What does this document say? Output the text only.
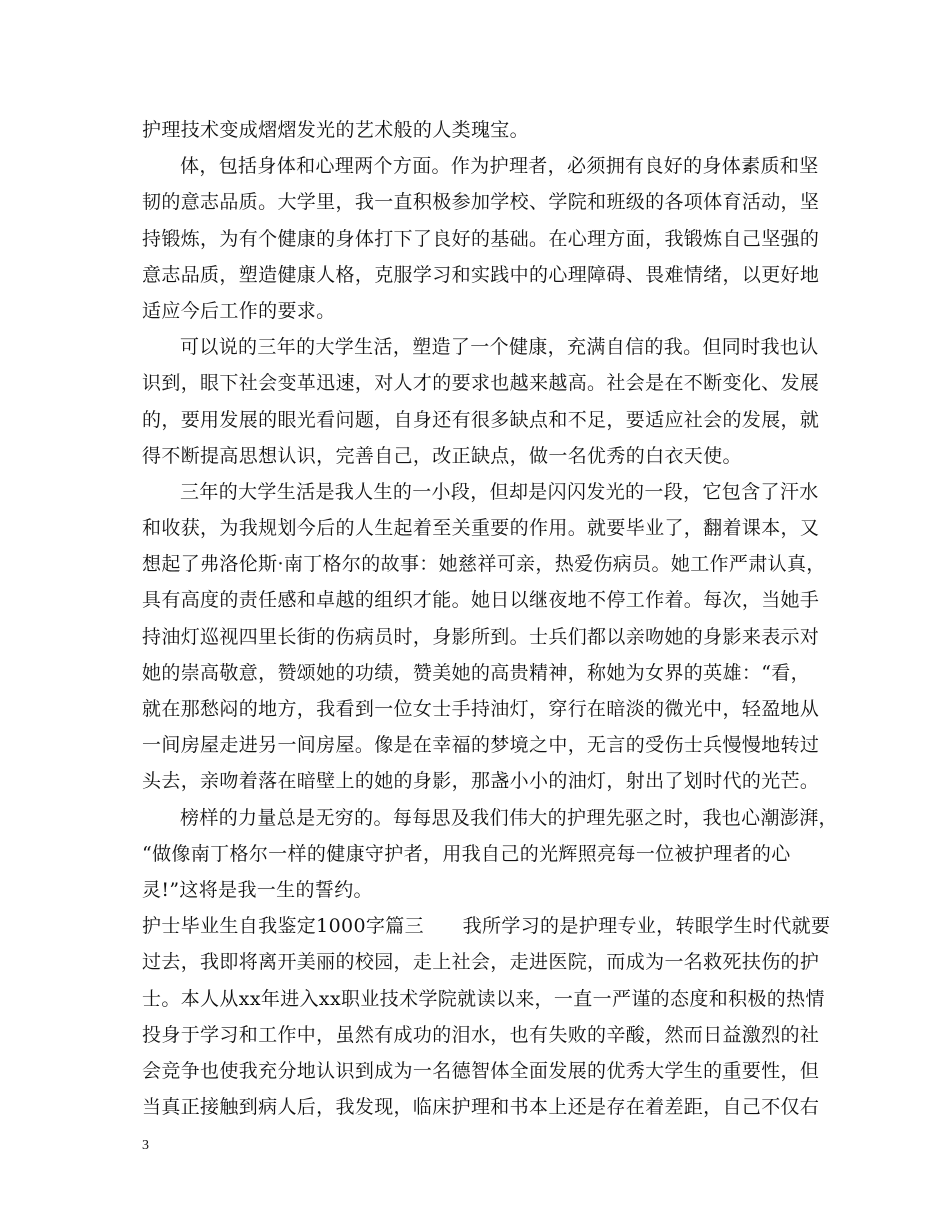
护理技术变成熠熠发光的艺术般的人类瑰宝。
体，包括身体和心理两个方面。作为护理者，必须拥有良好的身体素质和坚
韧的意志品质。大学里，我一直积极参加学校、学院和班级的各项体育活动，坚
持锻炼，为有个健康的身体打下了良好的基础。在心理方面，我锻炼自己坚强的
意志品质，塑造健康人格，克服学习和实践中的心理障碍、畏难情绪，以更好地
适应今后工作的要求。
可以说的三年的大学生活，塑造了一个健康，充满自信的我。但同时我也认
识到，眼下社会变革迅速，对人才的要求也越来越高。社会是在不断变化、发展
的，要用发展的眼光看问题，自身还有很多缺点和不足，要适应社会的发展，就
得不断提高思想认识，完善自己，改正缺点，做一名优秀的白衣天使。
三年的大学生活是我人生的一小段，但却是闪闪发光的一段，它包含了汗水
和收获，为我规划今后的人生起着至关重要的作用。就要毕业了，翻着课本，又
想起了弗洛伦斯·南丁格尔的故事：她慈祥可亲，热爱伤病员。她工作严肃认真，
具有高度的责任感和卓越的组织才能。她日以继夜地不停工作着。每次，当她手
持油灯巡视四里长街的伤病员时，身影所到。士兵们都以亲吻她的身影来表示对
她的崇高敬意，赞颂她的功绩，赞美她的高贵精神，称她为女界的英雄：“看，
就在那愁闷的地方，我看到一位女士手持油灯，穿行在暗淡的微光中，轻盈地从
一间房屋走进另一间房屋。像是在幸福的梦境之中，无言的受伤士兵慢慢地转过
头去，亲吻着落在暗壁上的她的身影，那盏小小的油灯，射出了划时代的光芒。
榜样的力量总是无穷的。每每思及我们伟大的护理先驱之时，我也心潮澎湃，
“做像南丁格尔一样的健康守护者，用我自己的光辉照亮每一位被护理者的心
灵!”这将是我一生的誓约。
护士毕业生自我鉴定1000字篇三　　我所学习的是护理专业，转眼学生时代就要
过去，我即将离开美丽的校园，走上社会，走进医院，而成为一名救死扶伤的护
士。本人从xx年进入xx职业技术学院就读以来，一直一严谨的态度和积极的热情
投身于学习和工作中，虽然有成功的泪水，也有失败的辛酸，然而日益激烈的社
会竞争也使我充分地认识到成为一名德智体全面发展的优秀大学生的重要性，但
当真正接触到病人后，我发现，临床护理和书本上还是存在着差距，自己不仅右
3
